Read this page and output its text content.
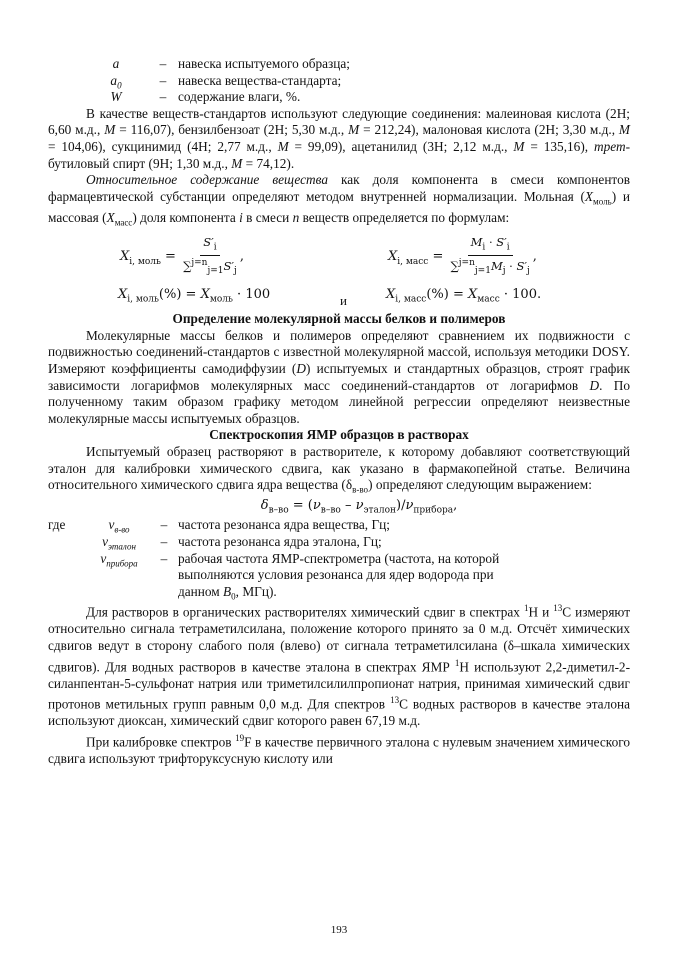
a	– навеска испытуемого образца;
$a_0$	– навеска вещества-стандарта;
W	– содержание влаги, %.

В качестве веществ-стандартов используют следующие соединения: малеиновая кислота (2Н; 6,60 м.д., M = 116,07), бензилбензоат (2Н; 5,30 м.д., M = 212,24), малоновая кислота (2Н; 3,30 м.д., M = 104,06), сукцинимид (4Н; 2,77 м.д., M = 99,09), ацетанилид (3Н; 2,12 м.д., M = 135,16), трет-бутиловый спирт (9Н; 1,30 м.д., M = 74,12).

Относительное содержание вещества как доля компонента в смеси компонентов фармацевтической субстанции определяют методом внутренней нормализации. Мольная $(X_{моль})$ и массовая $(X_{масс})$ доля компонента i в смеси n веществ определяется по формулам:

$X_{i, моль} = \frac{S'_i}{\sum^{j=n}_{j=1}S'_j}$ ,	$X_{i, масс} = \frac{M_i \cdot S'_i}{\sum^{j=n}_{j=1}M_j \cdot S'_j}$ ,
$X_{i, моль}(\%) = X_{моль} \cdot 100$	и	$X_{i, масс}(\%) = X_{масс} \cdot 100$.
Определение молекулярной массы белков и полимеров

Молекулярные массы белков и полимеров определяют сравнением их подвижности с подвижностью соединений-стандартов с известной молекулярной массой, используя методики DOSY. Измеряют коэффициенты самодиффузии (D) испытуемых и стандартных образцов, строят график зависимости логарифмов молекулярных масс соединений-стандартов от логарифмов D. По полученному таким образом графику методом линейной регрессии определяют неизвестные молекулярные массы испытуемых образцов.

Спектроскопия ЯМР образцов в растворах

Испытуемый образец растворяют в растворителе, к которому добавляют соответствующий эталон для калибровки химического сдвига, как указано в фармакопейной статье. Величина относительного химического сдвига ядра вещества $(\delta_{в-во})$ определяют следующим выражением:

$\delta_{в-во} = (\nu_{в-во} - \nu_{эталон})/\nu_{прибора}$,
где	$\nu_{в-во}$	– частота резонанса ядра вещества, Гц;
$\nu_{эталон}$	– частота резонанса ядра эталона, Гц;
$\nu_{прибора}$	– рабочая частота ЯМР-спектрометра (частота, на которой
выполняются условия резонанса для ядер водорода при
данном $B_0$, МГц).

Для растворов в органических растворителях химический сдвиг в спектрах $^1$H и $^{13}$C измеряют относительно сигнала тетраметилсилана, положение которого принято за 0 м.д. Отсчёт химических сдвигов ведут в сторону слабого поля (влево) от сигнала тетраметилсилана (δ–шкала химических сдвигов). Для водных растворов в качестве эталона в спектрах ЯМР $^1$H используют 2,2-диметил-2-силанпентан-5-сульфонат натрия или триметилсилилпропионат натрия, принимая химический сдвиг протонов метильных групп равным 0,0 м.д. Для спектров $^{13}$C водных растворов в качестве эталона используют диоксан, химический сдвиг которого равен 67,19 м.д.

При калибровке спектров $^{19}$F в качестве первичного эталона с нулевым значением химического сдвига используют трифторуксусную кислоту или

193
